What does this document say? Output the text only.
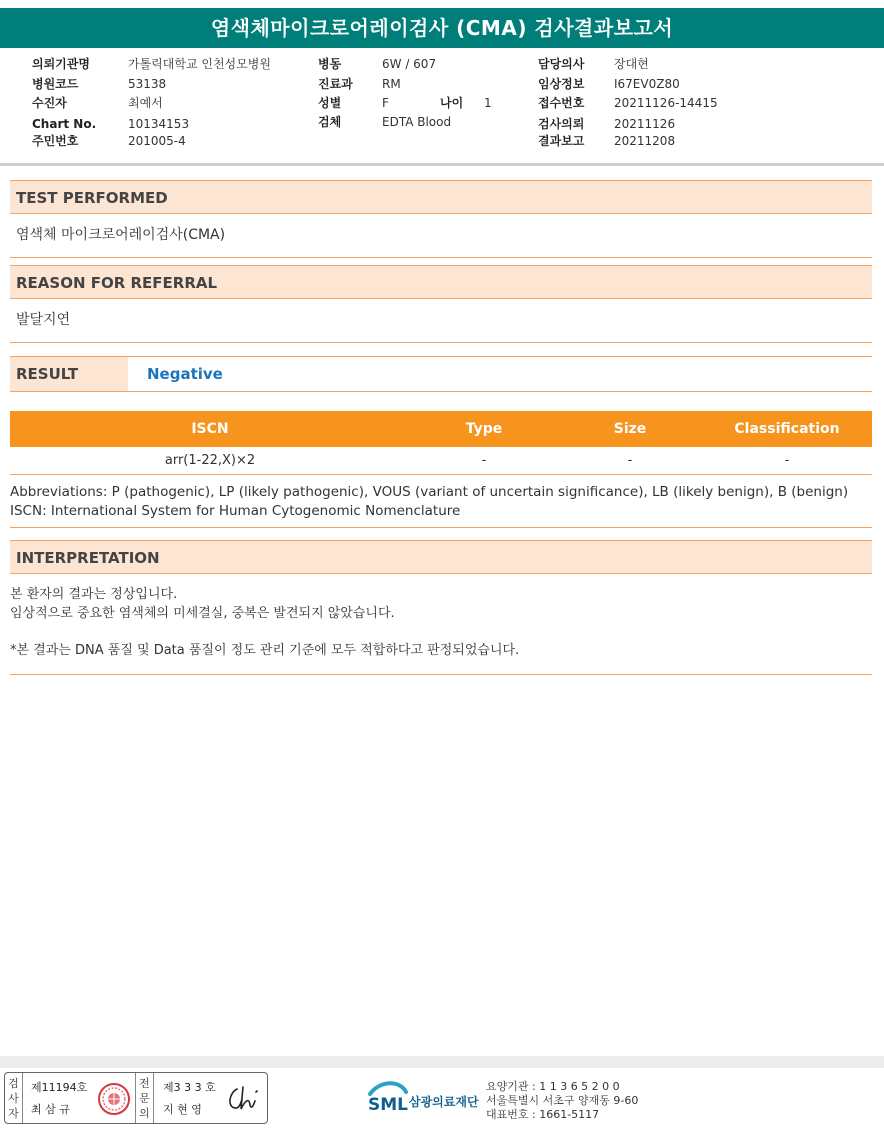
염색체마이크로어레이검사 (CMA) 검사결과보고서
의뢰기관명	가톨릭대학교 인천성모병원
병원코드	53138
수진자	최예서
Chart No.	10134153
주민번호	201005-4
병동	6W / 607
진료과 RM
성별	F	나이 1
검체	EDTA Blood
담당의사 장대현
임상정보 I67EV0Z80
접수번호 20211126-14415
검사의뢰 20211126
결과보고 20211208
TEST PERFORMED
염색체 마이크로어레이검사(CMA)
REASON FOR REFERRAL
발달지연
RESULT	Negative
ISCN	Type	Size	Classification
arr(1-22,X)×2	-	-	-
Abbreviations: P (pathogenic), LP (likely pathogenic), VOUS (variant of uncertain significance), LB (likely benign), B (benign)
ISCN: International System for Human Cytogenomic Nomenclature
INTERPRETATION
본 환자의 결과는 정상입니다.
임상적으로 중요한 염색체의 미세결실, 중복은 발견되지 않았습니다.
*본 결과는 DNA 품질 및 Data 품질이 정도 관리 기준에 모두 적합하다고 판정되었습니다.
검
사
자
제11194호
최 삼 규
전
문
의
제3 3 3 호
지 현 영	SML 삼광의료재단
요양기관 : 1 1 3 6 5 2 0 0
서울특별시 서초구 양재동 9-60
대표번호 : 1661-5117
